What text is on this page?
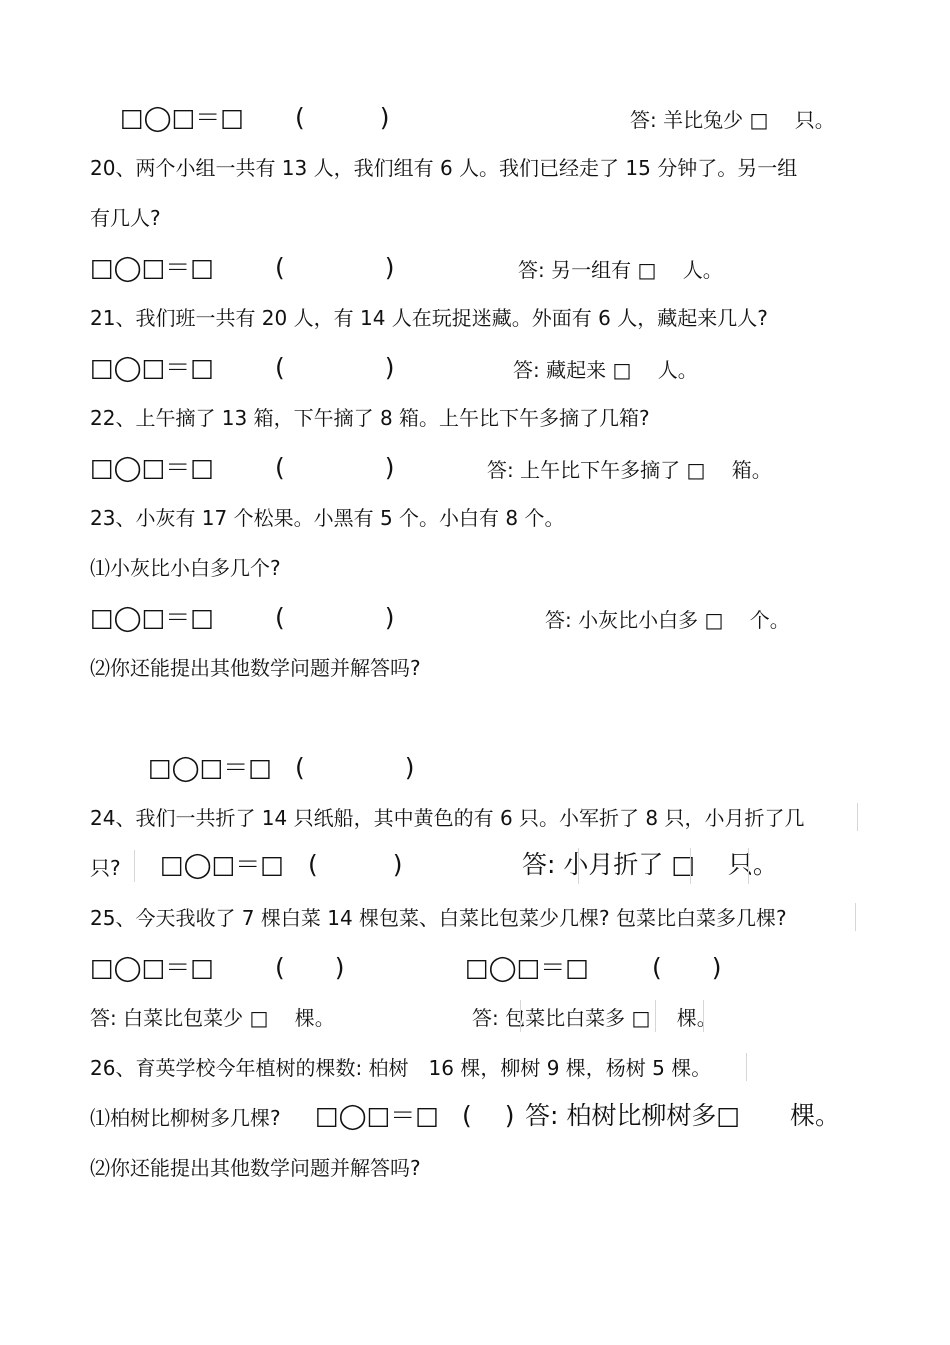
□◯□＝□ (　　　)	答: 羊比兔少 □　 只。
20、两个小组一共有 13 人，我们组有 6 人。我们已经走了 15 分钟了。另一组
有几人?
□◯□＝□ (　　　　)	答: 另一组有 □　 人。
21、我们班一共有 20 人，有 14 人在玩捉迷藏。外面有 6 人，藏起来几人?
□◯□＝□ (　　　　)	答: 藏起来 □　 人。
22、上午摘了 13 箱，下午摘了 8 箱。上午比下午多摘了几箱?
□◯□＝□ (　　　　)	答: 上午比下午多摘了 □　 箱。
23、小灰有 17 个松果。小黑有 5 个。小白有 8 个。
⑴小灰比小白多几个?
□◯□＝□ (　　　　)	答: 小灰比小白多 □　 个。
⑵你还能提出其他数学问题并解答吗?
□◯□＝□ (　　　　)
24、我们一共折了 14 只纸船，其中黄色的有 6 只。小军折了 8 只，小月折了几
只? □◯□＝□ (　　　)	答: 小月折了 □　 只。
25、今天我收了 7 棵白菜 14 棵包菜、白菜比包菜少几棵? 包菜比白菜多几棵?
□◯□＝□ (　　)	□◯□＝□	(　　)
答: 白菜比包菜少 □　 棵。	答: 包菜比白菜多 □　 棵。
26、育英学校今年植树的棵数: 柏树　16 棵，柳树 9 棵，杨树 5 棵。
⑴柏树比柳树多几棵? □◯□＝□ (　 ) 答: 柏树比柳树多□　　棵。
⑵你还能提出其他数学问题并解答吗?
